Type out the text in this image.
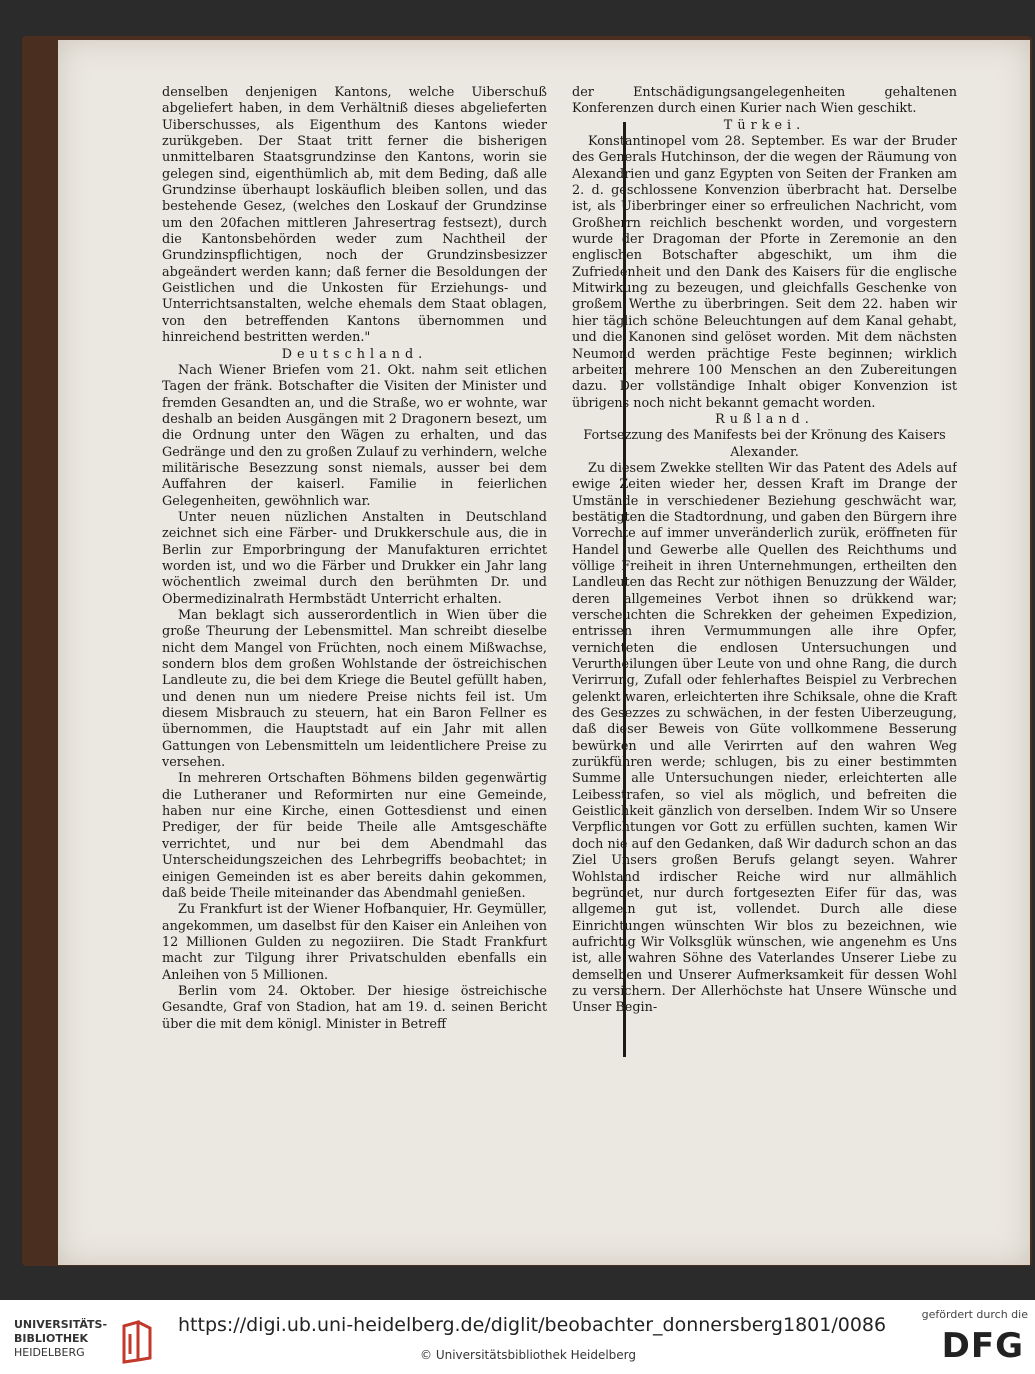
denselben denjenigen Kantons, welche Uiberschuß abgeliefert haben, in dem Verhältniß dieses abgelieferten Uiberschusses, als Eigenthum des Kantons wieder zurükgeben. Der Staat tritt ferner die bisherigen unmittelbaren Staatsgrundzinse den Kantons, worin sie gelegen sind, eigenthümlich ab, mit dem Beding, daß alle Grundzinse überhaupt loskäuflich bleiben sollen, und das bestehende Gesez, (welches den Loskauf der Grundzinse um den 20fachen mittleren Jahresertrag festsezt), durch die Kantonsbehörden weder zum Nachtheil der Grundzinspflichtigen, noch der Grundzinsbesizzer abgeändert werden kann; daß ferner die Besoldungen der Geistlichen und die Unkosten für Erziehungs- und Unterrichtsanstalten, welche ehemals dem Staat oblagen, von den betreffenden Kantons übernommen und hinreichend bestritten werden."

Deutschland.

Nach Wiener Briefen vom 21. Okt. nahm seit etlichen Tagen der fränk. Botschafter die Visiten der Minister und fremden Gesandten an, und die Straße, wo er wohnte, war deshalb an beiden Ausgängen mit 2 Dragonern besezt, um die Ordnung unter den Wägen zu erhalten, und das Gedränge und den zu großen Zulauf zu verhindern, welche militärische Besezzung sonst niemals, ausser bei dem Auffahren der kaiserl. Familie in feierlichen Gelegenheiten, gewöhnlich war.

Unter neuen nüzlichen Anstalten in Deutschland zeichnet sich eine Färber- und Drukkerschule aus, die in Berlin zur Emporbringung der Manufakturen errichtet worden ist, und wo die Färber und Drukker ein Jahr lang wöchentlich zweimal durch den berühmten Dr. und Obermedizinalrath Hermbstädt Unterricht erhalten.

Man beklagt sich ausserordentlich in Wien über die große Theurung der Lebensmittel. Man schreibt dieselbe nicht dem Mangel von Früchten, noch einem Mißwachse, sondern blos dem großen Wohlstande der östreichischen Landleute zu, die bei dem Kriege die Beutel gefüllt haben, und denen nun um niedere Preise nichts feil ist. Um diesem Misbrauch zu steuern, hat ein Baron Fellner es übernommen, die Hauptstadt auf ein Jahr mit allen Gattungen von Lebensmitteln um leidentlichere Preise zu versehen.

In mehreren Ortschaften Böhmens bilden gegenwärtig die Lutheraner und Reformirten nur eine Gemeinde, haben nur eine Kirche, einen Gottesdienst und einen Prediger, der für beide Theile alle Amtsgeschäfte verrichtet, und nur bei dem Abendmahl das Unterscheidungszeichen des Lehrbegriffs beobachtet; in einigen Gemeinden ist es aber bereits dahin gekommen, daß beide Theile miteinander das Abendmahl genießen.

Zu Frankfurt ist der Wiener Hofbanquier, Hr. Geymüller, angekommen, um daselbst für den Kaiser ein Anleihen von 12 Millionen Gulden zu negoziiren. Die Stadt Frankfurt macht zur Tilgung ihrer Privatschulden ebenfalls ein Anleihen von 5 Millionen.

Berlin vom 24. Oktober. Der hiesige östreichische Gesandte, Graf von Stadion, hat am 19. d. seinen Bericht über die mit dem königl. Minister in Betreff

der Entschädigungsangelegenheiten gehaltenen Konferenzen durch einen Kurier nach Wien geschikt.

Türkei.

Konstantinopel vom 28. September. Es war der Bruder des Generals Hutchinson, der die wegen der Räumung von Alexandrien und ganz Egypten von Seiten der Franken am 2. d. geschlossene Konvenzion überbracht hat. Derselbe ist, als Uiberbringer einer so erfreulichen Nachricht, vom Großherrn reichlich beschenkt worden, und vorgestern wurde der Dragoman der Pforte in Zeremonie an den englischen Botschafter abgeschikt, um ihm die Zufriedenheit und den Dank des Kaisers für die englische Mitwirkung zu bezeugen, und gleichfalls Geschenke von großem Werthe zu überbringen. Seit dem 22. haben wir hier täglich schöne Beleuchtungen auf dem Kanal gehabt, und die Kanonen sind gelöset worden. Mit dem nächsten Neumond werden prächtige Feste beginnen; wirklich arbeiten mehrere 100 Menschen an den Zubereitungen dazu. Der vollständige Inhalt obiger Konvenzion ist übrigens noch nicht bekannt gemacht worden.

Rußland.

Fortsezzung des Manifests bei der Krönung des Kaisers Alexander.

Zu diesem Zwekke stellten Wir das Patent des Adels auf ewige Zeiten wieder her, dessen Kraft im Drange der Umstände in verschiedener Beziehung geschwächt war, bestätigten die Stadtordnung, und gaben den Bürgern ihre Vorrechte auf immer unveränderlich zurük, eröffneten für Handel und Gewerbe alle Quellen des Reichthums und völlige Freiheit in ihren Unternehmungen, ertheilten den Landleuten das Recht zur nöthigen Benuzzung der Wälder, deren allgemeines Verbot ihnen so drükkend war; verscheuchten die Schrekken der geheimen Expedizion, entrissen ihren Vermummungen alle ihre Opfer, vernichteten die endlosen Untersuchungen und Verurtheilungen über Leute von und ohne Rang, die durch Verirrung, Zufall oder fehlerhaftes Beispiel zu Verbrechen gelenkt waren, erleichterten ihre Schiksale, ohne die Kraft des Gesezzes zu schwächen, in der festen Uiberzeugung, daß dieser Beweis von Güte vollkommene Besserung bewürken und alle Verirrten auf den wahren Weg zurükführen werde; schlugen, bis zu einer bestimmten Summe alle Untersuchungen nieder, erleichterten alle Leibesstrafen, so viel als möglich, und befreiten die Geistlichkeit gänzlich von derselben. Indem Wir so Unsere Verpflichtungen vor Gott zu erfüllen suchten, kamen Wir doch nie auf den Gedanken, daß Wir dadurch schon an das Ziel Unsers großen Berufs gelangt seyen. Wahrer Wohlstand irdischer Reiche wird nur allmählich begründet, nur durch fortgesezten Eifer für das, was allgemein gut ist, vollendet. Durch alle diese Einrichtungen wünschten Wir blos zu bezeichnen, wie aufrichtig Wir Volksglük wünschen, wie angenehm es Uns ist, alle wahren Söhne des Vaterlandes Unserer Liebe zu demselben und Unserer Aufmerksamkeit für dessen Wohl zu versichern. Der Allerhöchste hat Unsere Wünsche und Unser Begin-

UNIVERSITÄTS-
BIBLIOTHEK
HEIDELBERG
https://digi.ub.uni-heidelberg.de/diglit/beobachter_donnersberg1801/0086
© Universitätsbibliothek Heidelberg
gefördert durch die
DFG
